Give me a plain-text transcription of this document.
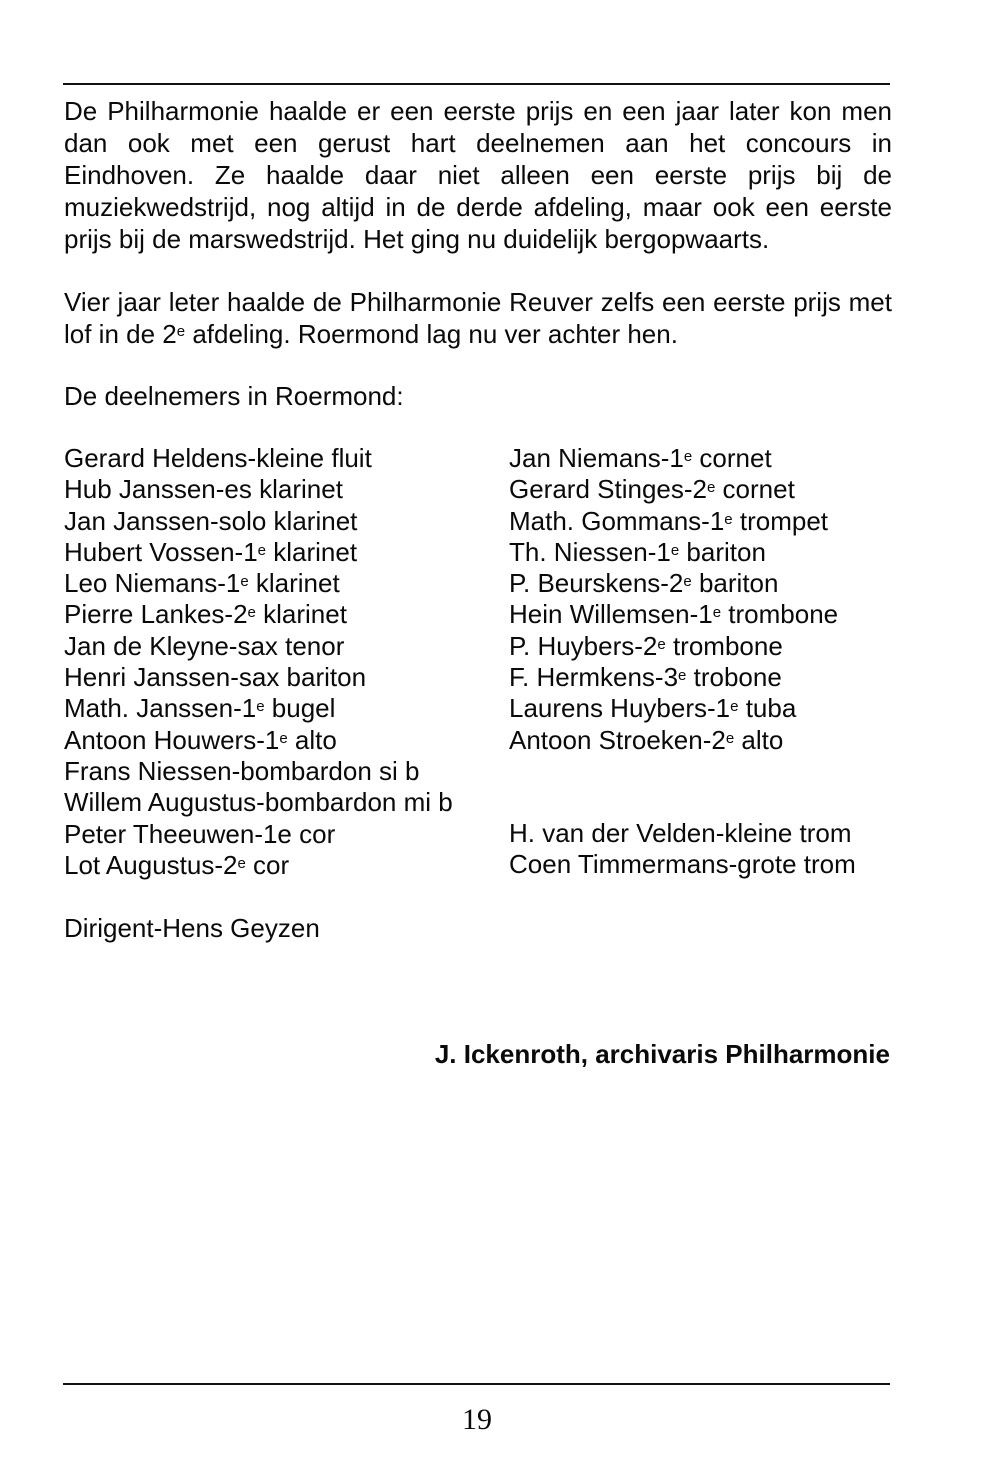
De Philharmonie haalde er een eerste prijs en een jaar later kon men dan ook met een gerust hart deelnemen aan het concours in Eindhoven. Ze haalde daar niet alleen een eerste prijs bij de muziekwedstrijd, nog altijd in de derde afdeling, maar ook een eerste prijs bij de marswedstrijd. Het ging nu duidelijk bergopwaarts.

Vier jaar leter haalde de Philharmonie Reuver zelfs een eerste prijs met lof in de 2e afdeling. Roermond lag nu ver achter hen.

De deelnemers in Roermond:

Gerard Heldens-kleine fluit
Hub Janssen-es klarinet
Jan Janssen-solo klarinet
Hubert Vossen-1e klarinet
Leo Niemans-1e klarinet
Pierre Lankes-2e klarinet
Jan de Kleyne-sax tenor
Henri Janssen-sax bariton
Math. Janssen-1e bugel
Antoon Houwers-1e alto
Frans Niessen-bombardon si b
Willem Augustus-bombardon mi b
Peter Theeuwen-1e cor
Lot Augustus-2e cor
Jan Niemans-1e cornet
Gerard Stinges-2e cornet
Math. Gommans-1e trompet
Th. Niessen-1e bariton
P. Beurskens-2e bariton
Hein Willemsen-1e trombone
P. Huybers-2e trombone
F. Hermkens-3e trobone
Laurens Huybers-1e tuba
Antoon Stroeken-2e alto
H. van der Velden-kleine trom
Coen Timmermans-grote trom

Dirigent-Hens Geyzen

J. Ickenroth, archivaris Philharmonie

19
